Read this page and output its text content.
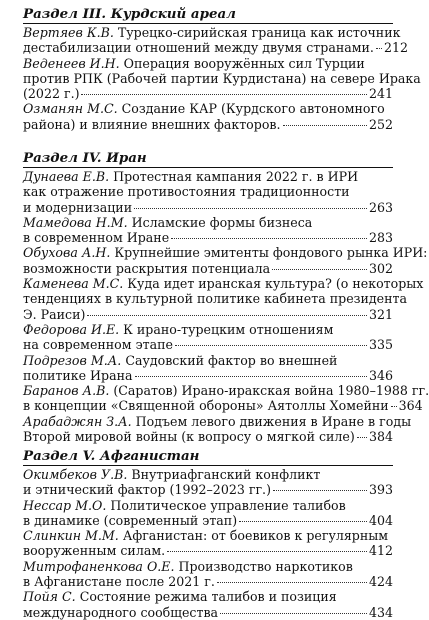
Раздел III. Курдский ареал
Вертяев К.В. Турецко-сирийская граница как источник
дестабилизации отношений между двумя странами. 212
Веденеев И.Н. Операция вооружённых сил Турции
против РПК (Рабочей партии Курдистана) на севере Ирака
(2022 г.)	241
Озманян М.С. Создание КАР (Курдского автономного
района) и влияние внешних факторов.	252
Раздел IV. Иран
Дунаева Е.В. Протестная кампания 2022 г. в ИРИ
как отражение противостояния традиционности
и модернизации	263
Мамедова Н.М. Исламские формы бизнеса
в современном Иране	283
Обухова А.Н. Крупнейшие эмитенты фондового рынка ИРИ:
возможности раскрытия потенциала	302
Каменева М.С. Куда идет иранская культура? (о некоторых
тенденциях в культурной политике кабинета президента
Э. Раиси)	321
Федорова И.Е. К ирано-турецким отношениям
на современном этапе	335
Подрезов М.А. Саудовский фактор во внешней
политике Ирана	346
Баранов А.В. (Саратов) Ирано-иракская война 1980–1988 гг.
в концепции «Священной обороны» Аятоллы Хомейни 364
Арабаджян З.А. Подъем левого движения в Иране в годы
Второй мировой войны (к вопросу о мягкой силе) 384
Раздел V. Афганистан
Окимбеков У.В. Внутриафганский конфликт
и этнический фактор (1992–2023 гг.)	393
Нессар М.О. Политическое управление талибов
в динамике (современный этап)	404
Слинкин М.М. Афганистан: от боевиков к регулярным
вооруженным силам.	412
Митрофаненкова О.Е. Производство наркотиков
в Афганистане после 2021 г.	424
Пойя С. Состояние режима талибов и позиция
международного сообщества	434
